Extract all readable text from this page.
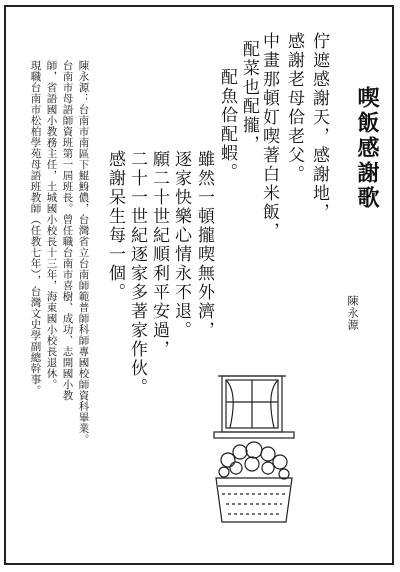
喫飯感謝歌
陳永源
佇遮感謝天，感謝地，
感謝老母佮老父。
中畫那頓奵喫著白米飯，
配菜也配攏，
配魚佮配蝦。
雖然一頓攏喫無外濟，
逐家快樂心情永不退。
願二十世紀順利平安過，
二十一世紀逐家多著家作伙。
感謝呆生每一個。
陳永源：台南市南區下鯤鯓儂，台灣省立台南師範普師科師專國校師資科畢業。
台南市母語師資班第一屆班長。曾任職台南市喜樹、成功、志開國小教
師，省語國小教務主任，土城國小校長十三年，海東國小校長退休。
現職台南市松柏學苑母語班教師（任教七年），台灣文史學副總幹事。
